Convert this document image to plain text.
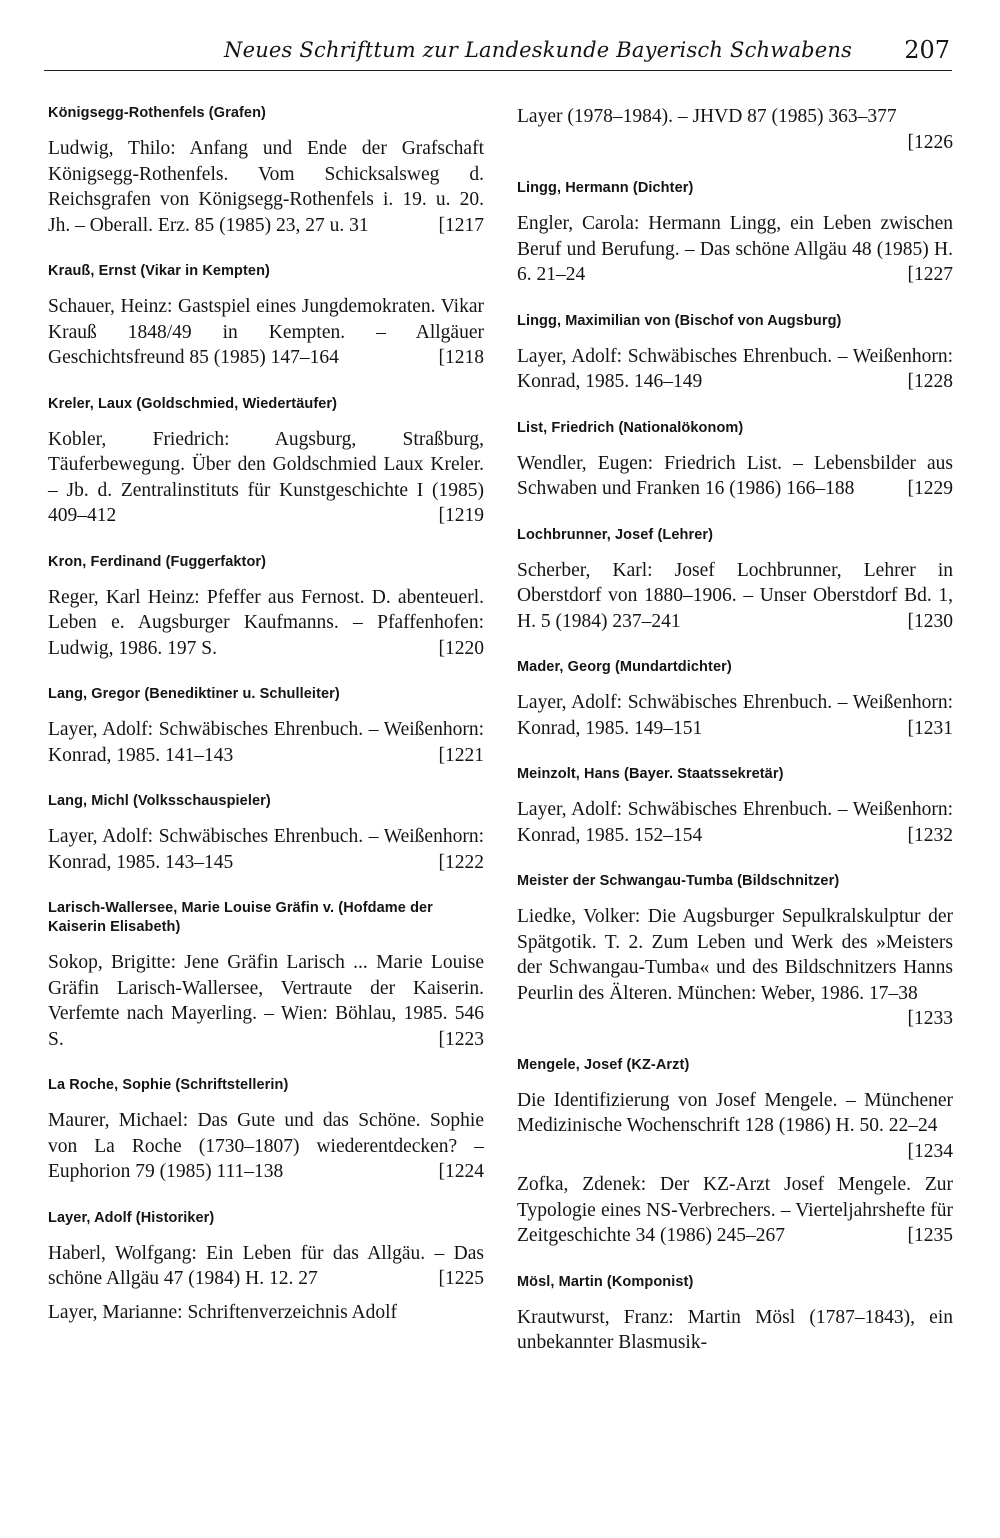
Neues Schrifttum zur Landeskunde Bayerisch Schwabens 207
Königsegg-Rothenfels (Grafen)
Ludwig, Thilo: Anfang und Ende der Grafschaft Königsegg-Rothenfels. Vom Schicksalsweg d. Reichsgrafen von Königsegg-Rothenfels i. 19. u. 20. Jh. – Oberall. Erz. 85 (1985) 23, 27 u. 31	[1217
Krauß, Ernst (Vikar in Kempten)
Schauer, Heinz: Gastspiel eines Jungdemokraten. Vikar Krauß 1848/49 in Kempten. – Allgäuer Geschichtsfreund 85 (1985) 147–164	[1218
Kreler, Laux (Goldschmied, Wiedertäufer)
Kobler, Friedrich: Augsburg, Straßburg, Täuferbewegung. Über den Goldschmied Laux Kreler. – Jb. d. Zentralinstituts für Kunstgeschichte I (1985) 409–412	[1219
Kron, Ferdinand (Fuggerfaktor)
Reger, Karl Heinz: Pfeffer aus Fernost. D. abenteuerl. Leben e. Augsburger Kaufmanns. – Pfaffenhofen: Ludwig, 1986. 197 S.	[1220
Lang, Gregor (Benediktiner u. Schulleiter)
Layer, Adolf: Schwäbisches Ehrenbuch. – Weißenhorn: Konrad, 1985. 141–143	[1221
Lang, Michl (Volksschauspieler)
Layer, Adolf: Schwäbisches Ehrenbuch. – Weißenhorn: Konrad, 1985. 143–145	[1222
Larisch-Wallersee, Marie Louise Gräfin v. (Hofdame der Kaiserin Elisabeth)
Sokop, Brigitte: Jene Gräfin Larisch ... Marie Louise Gräfin Larisch-Wallersee, Vertraute der Kaiserin. Verfemte nach Mayerling. – Wien: Böhlau, 1985. 546 S.	[1223
La Roche, Sophie (Schriftstellerin)
Maurer, Michael: Das Gute und das Schöne. Sophie von La Roche (1730–1807) wiederentdecken? – Euphorion 79 (1985) 111–138	[1224
Layer, Adolf (Historiker)
Haberl, Wolfgang: Ein Leben für das Allgäu. – Das schöne Allgäu 47 (1984) H. 12. 27	[1225
Layer, Marianne: Schriftenverzeichnis Adolf
Layer (1978–1984). – JHVD 87 (1985) 363–377
[1226
Lingg, Hermann (Dichter)
Engler, Carola: Hermann Lingg, ein Leben zwischen Beruf und Berufung. – Das schöne Allgäu 48 (1985) H. 6. 21–24	[1227
Lingg, Maximilian von (Bischof von Augsburg)
Layer, Adolf: Schwäbisches Ehrenbuch. – Weißenhorn: Konrad, 1985. 146–149	[1228
List, Friedrich (Nationalökonom)
Wendler, Eugen: Friedrich List. – Lebensbilder aus Schwaben und Franken 16 (1986) 166–188	[1229
Lochbrunner, Josef (Lehrer)
Scherber, Karl: Josef Lochbrunner, Lehrer in Oberstdorf von 1880–1906. – Unser Oberstdorf Bd. 1, H. 5 (1984) 237–241	[1230
Mader, Georg (Mundartdichter)
Layer, Adolf: Schwäbisches Ehrenbuch. – Weißenhorn: Konrad, 1985. 149–151	[1231
Meinzolt, Hans (Bayer. Staatssekretär)
Layer, Adolf: Schwäbisches Ehrenbuch. – Weißenhorn: Konrad, 1985. 152–154	[1232
Meister der Schwangau-Tumba (Bildschnitzer)
Liedke, Volker: Die Augsburger Sepulkralskulptur der Spätgotik. T. 2. Zum Leben und Werk des »Meisters der Schwangau-Tumba« und des Bildschnitzers Hanns Peurlin des Älteren. München: Weber, 1986. 17–38
[1233
Mengele, Josef (KZ-Arzt)
Die Identifizierung von Josef Mengele. – Münchener Medizinische Wochenschrift 128 (1986) H. 50. 22–24
[1234
Zofka, Zdenek: Der KZ-Arzt Josef Mengele. Zur Typologie eines NS-Verbrechers. – Vierteljahrshefte für Zeitgeschichte 34 (1986) 245–267	[1235
Mösl, Martin (Komponist)
Krautwurst, Franz: Martin Mösl (1787–1843), ein unbekannter Blasmusik-
